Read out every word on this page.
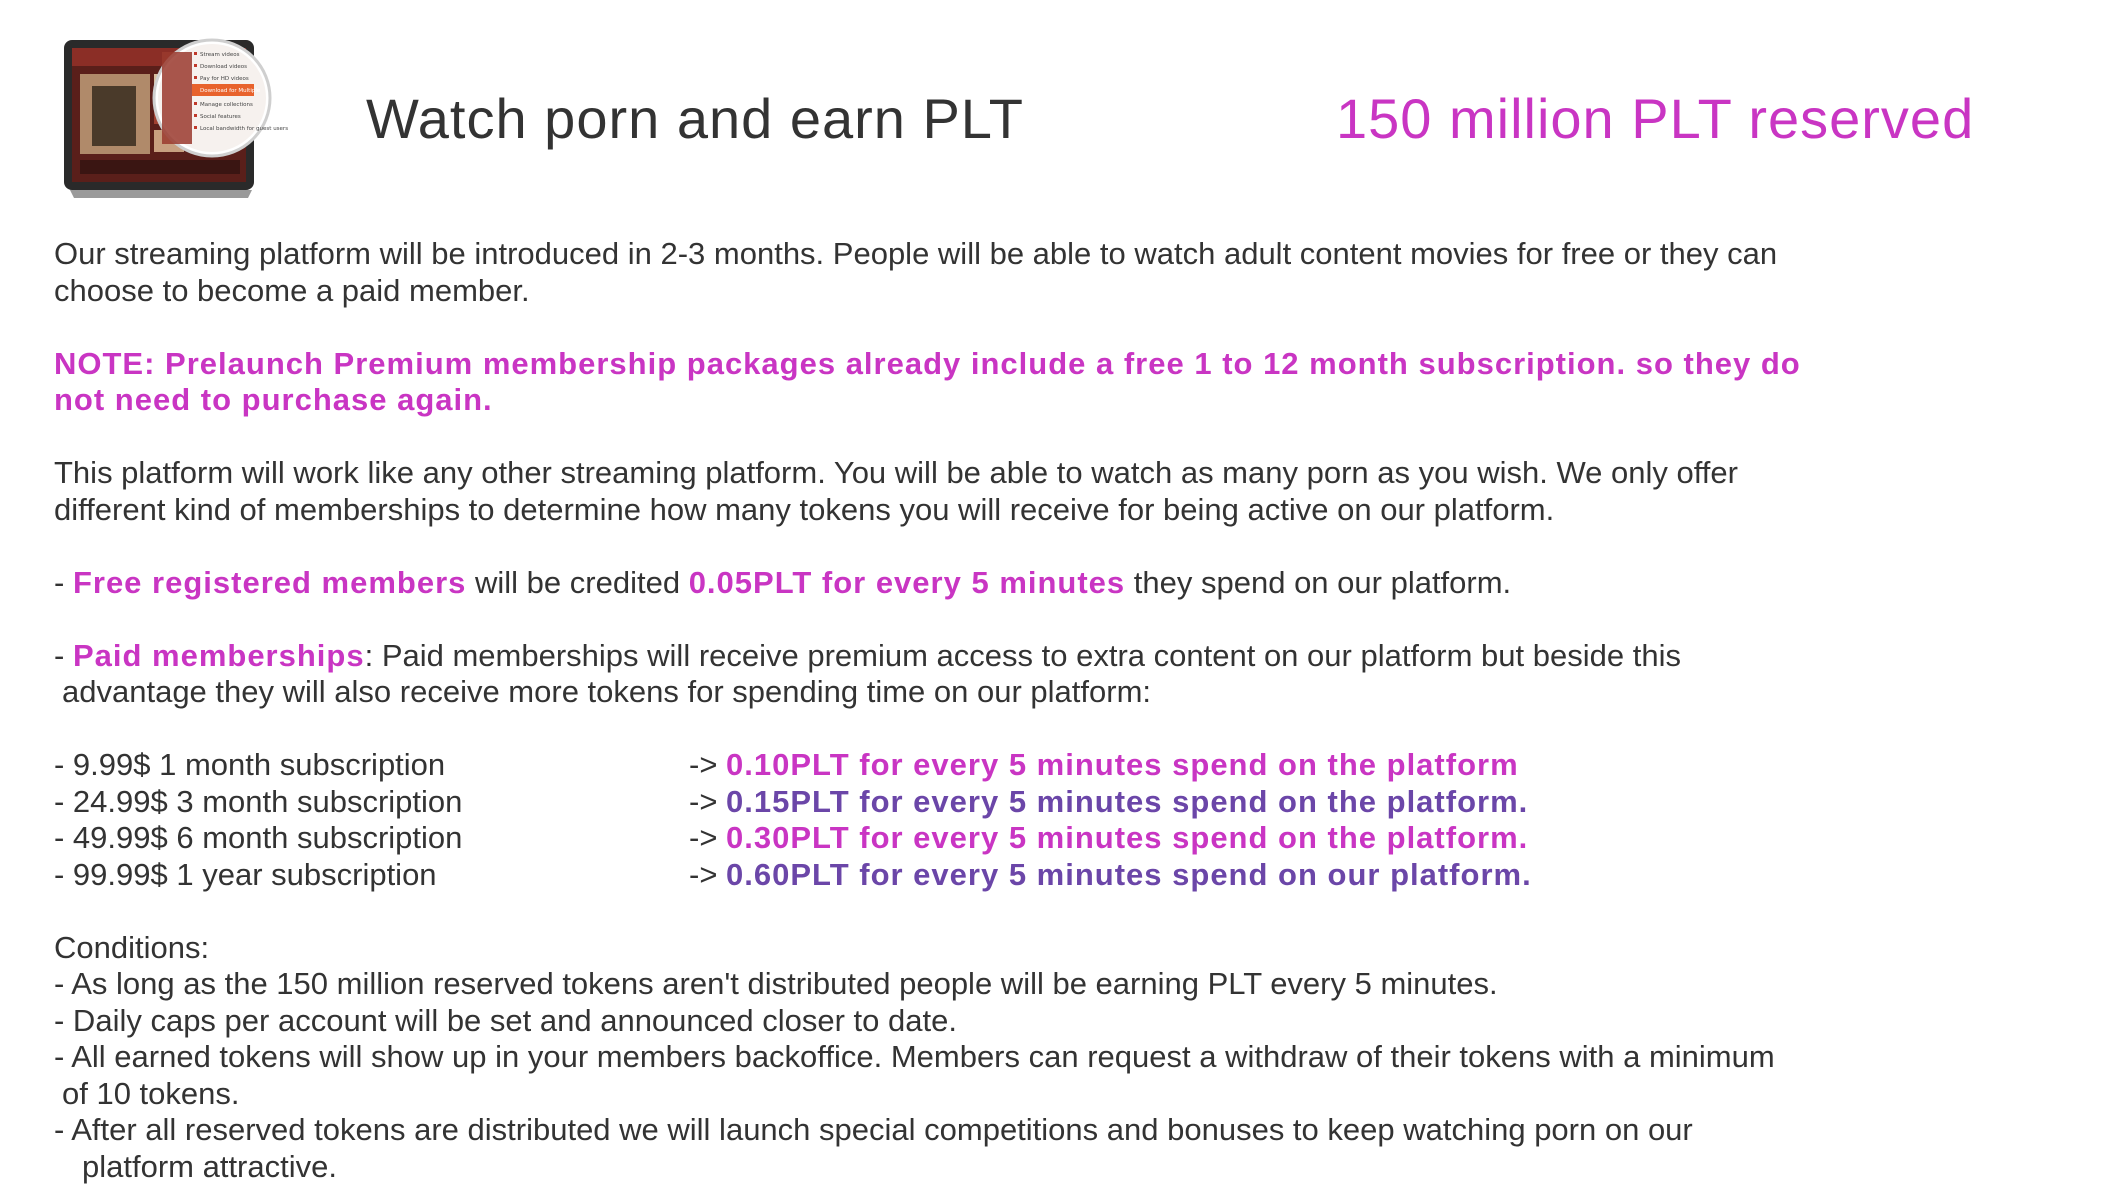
Stream videos
Download videos
Pay for HD videos
Download for Multiple
Manage collections
Social features
Local bandwidth for guest users Watch porn and earn PLT	150 million PLT reserved
Our streaming platform will be introduced in 2-3 months. People will be able to watch adult content movies for free or they can
choose to become a paid member.
NOTE: Prelaunch Premium membership packages already include a free 1 to 12 month subscription. so they do
not need to purchase again.
This platform will work like any other streaming platform. You will be able to watch as many porn as you wish. We only offer
different kind of memberships to determine how many tokens you will receive for being active on our platform.
- Free registered members will be credited 0.05PLT for every 5 minutes they spend on our platform.
- Paid memberships: Paid memberships will receive premium access to extra content on our platform but beside this
advantage they will also receive more tokens for spending time on our platform:
- 9.99$ 1 month subscription	-> 0.10PLT for every 5 minutes spend on the platform
- 24.99$ 3 month subscription	-> 0.15PLT for every 5 minutes spend on the platform.
- 49.99$ 6 month subscription	-> 0.30PLT for every 5 minutes spend on the platform.
- 99.99$ 1 year subscription	-> 0.60PLT for every 5 minutes spend on our platform.
Conditions:
- As long as the 150 million reserved tokens aren't distributed people will be earning PLT every 5 minutes.
- Daily caps per account will be set and announced closer to date.
- All earned tokens will show up in your members backoffice. Members can request a withdraw of their tokens with a minimum
of 10 tokens.
- After all reserved tokens are distributed we will launch special competitions and bonuses to keep watching porn on our
platform attractive.
